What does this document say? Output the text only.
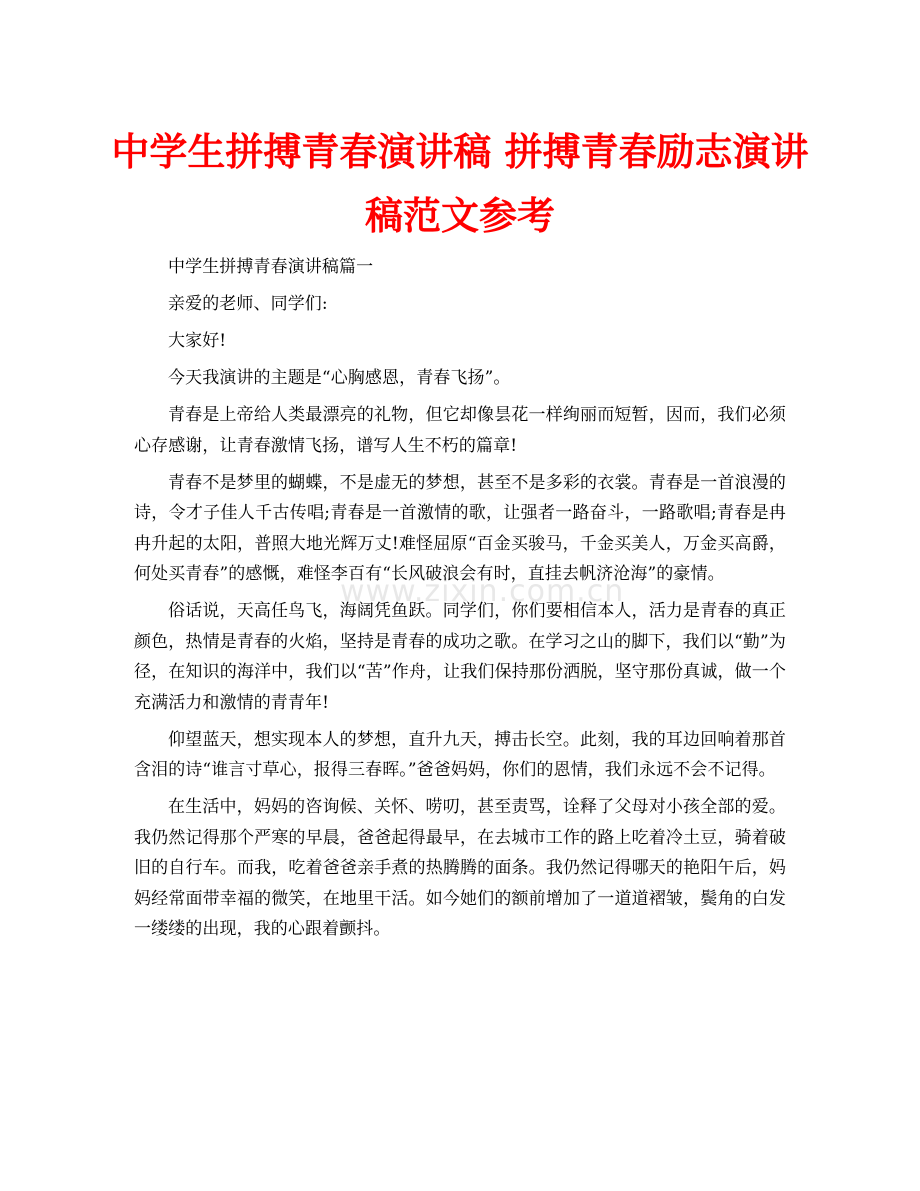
中学生拼搏青春演讲稿 拼搏青春励志演讲
稿范文参考

中学生拼搏青春演讲稿篇一

亲爱的老师、同学们:

大家好!

今天我演讲的主题是“心胸感恩，青春飞扬”。

青春是上帝给人类最漂亮的礼物，但它却像昙花一样绚丽而短暂，因而，我们必须心存感谢，让青春激情飞扬，谱写人生不朽的篇章!

青春不是梦里的蝴蝶，不是虚无的梦想，甚至不是多彩的衣裳。青春是一首浪漫的诗，令才子佳人千古传唱;青春是一首激情的歌，让强者一路奋斗，一路歌唱;青春是冉冉升起的太阳，普照大地光辉万丈!难怪屈原“百金买骏马，千金买美人，万金买高爵，何处买青春”的感慨，难怪李百有“长风破浪会有时，直挂去帆济沧海”的豪情。

俗话说，天高任鸟飞，海阔凭鱼跃。同学们，你们要相信本人，活力是青春的真正颜色，热情是青春的火焰，坚持是青春的成功之歌。在学习之山的脚下，我们以“勤”为径，在知识的海洋中，我们以“苦”作舟，让我们保持那份洒脱，坚守那份真诚，做一个充满活力和激情的青青年!

仰望蓝天，想实现本人的梦想，直升九天，搏击长空。此刻，我的耳边回响着那首含泪的诗“谁言寸草心，报得三春晖。”爸爸妈妈，你们的恩情，我们永远不会不记得。

在生活中，妈妈的咨询候、关怀、唠叨，甚至责骂，诠释了父母对小孩全部的爱。我仍然记得那个严寒的早晨，爸爸起得最早，在去城市工作的路上吃着冷土豆，骑着破旧的自行车。而我，吃着爸爸亲手煮的热腾腾的面条。我仍然记得哪天的艳阳午后，妈妈经常面带幸福的微笑，在地里干活。如今她们的额前增加了一道道褶皱，鬓角的白发一缕缕的出现，我的心跟着颤抖。

www.zixin.com.cn
